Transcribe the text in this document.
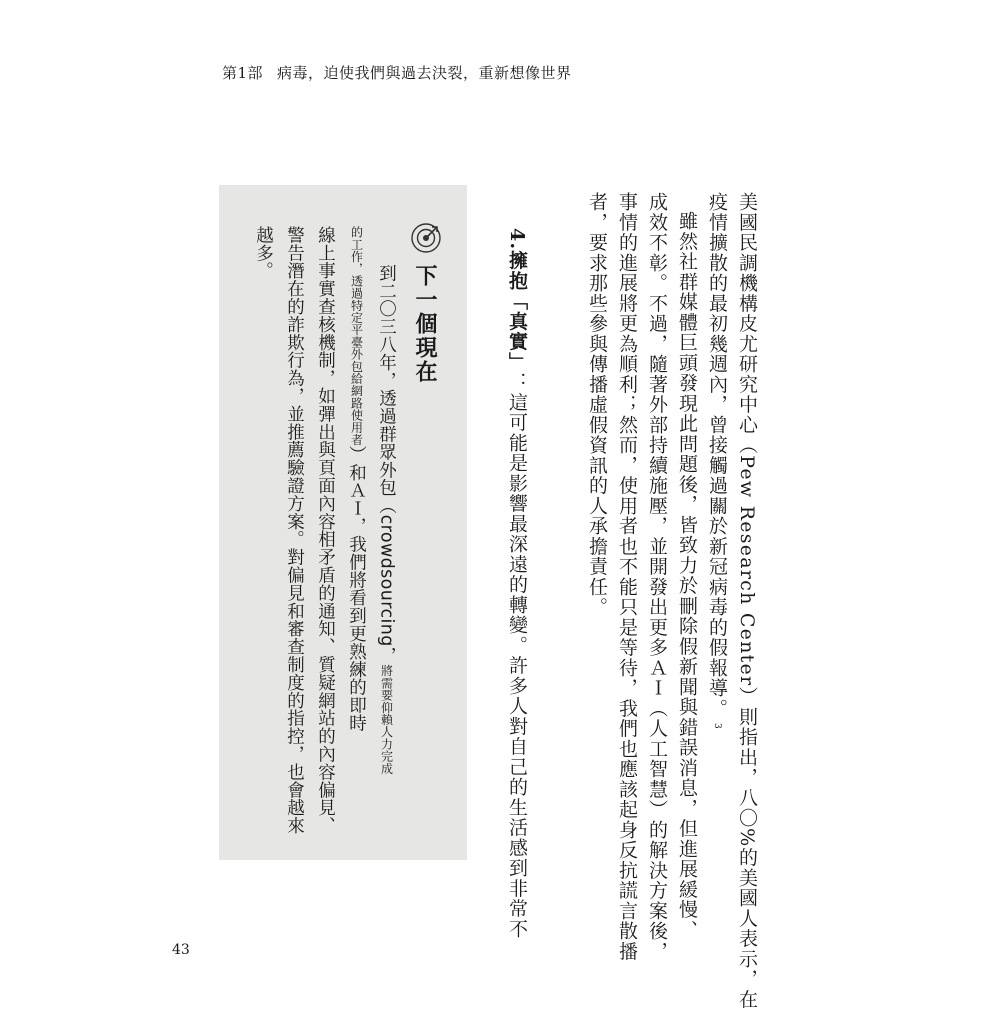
第1部 病毒，迫使我們與過去決裂，重新想像世界
美國民調機構皮尤研究中心（Pew Research Center）則指出，八〇%的美國人表示，在
疫情擴散的最初幾週內，曾接觸過關於新冠病毒的假報導。3
雖然社群媒體巨頭發現此問題後，皆致力於刪除假新聞與錯誤消息，但進展緩慢、
成效不彰。不過，隨著外部持續施壓，並開發出更多ＡＩ（人工智慧）的解決方案後，
事情的進展將更為順利；然而，使用者也不能只是等待，我們也應該起身反抗謊言散播
者，要求那些參與傳播虛假資訊的人承擔責任。
4.擁抱「真實」：這可能是影響最深遠的轉變。許多人對自己的生活感到非常不
下一個現在
到二〇三八年，透過群眾外包（crowdsourcing，將需要仰賴人力完成
的工作，透過特定平臺外包給網路使用者）和ＡＩ，我們將看到更熟練的即時
線上事實查核機制，如彈出與頁面內容相矛盾的通知、質疑網站的內容偏見、
警告潛在的詐欺行為，並推薦驗證方案。對偏見和審查制度的指控，也會越來
越多。
43
